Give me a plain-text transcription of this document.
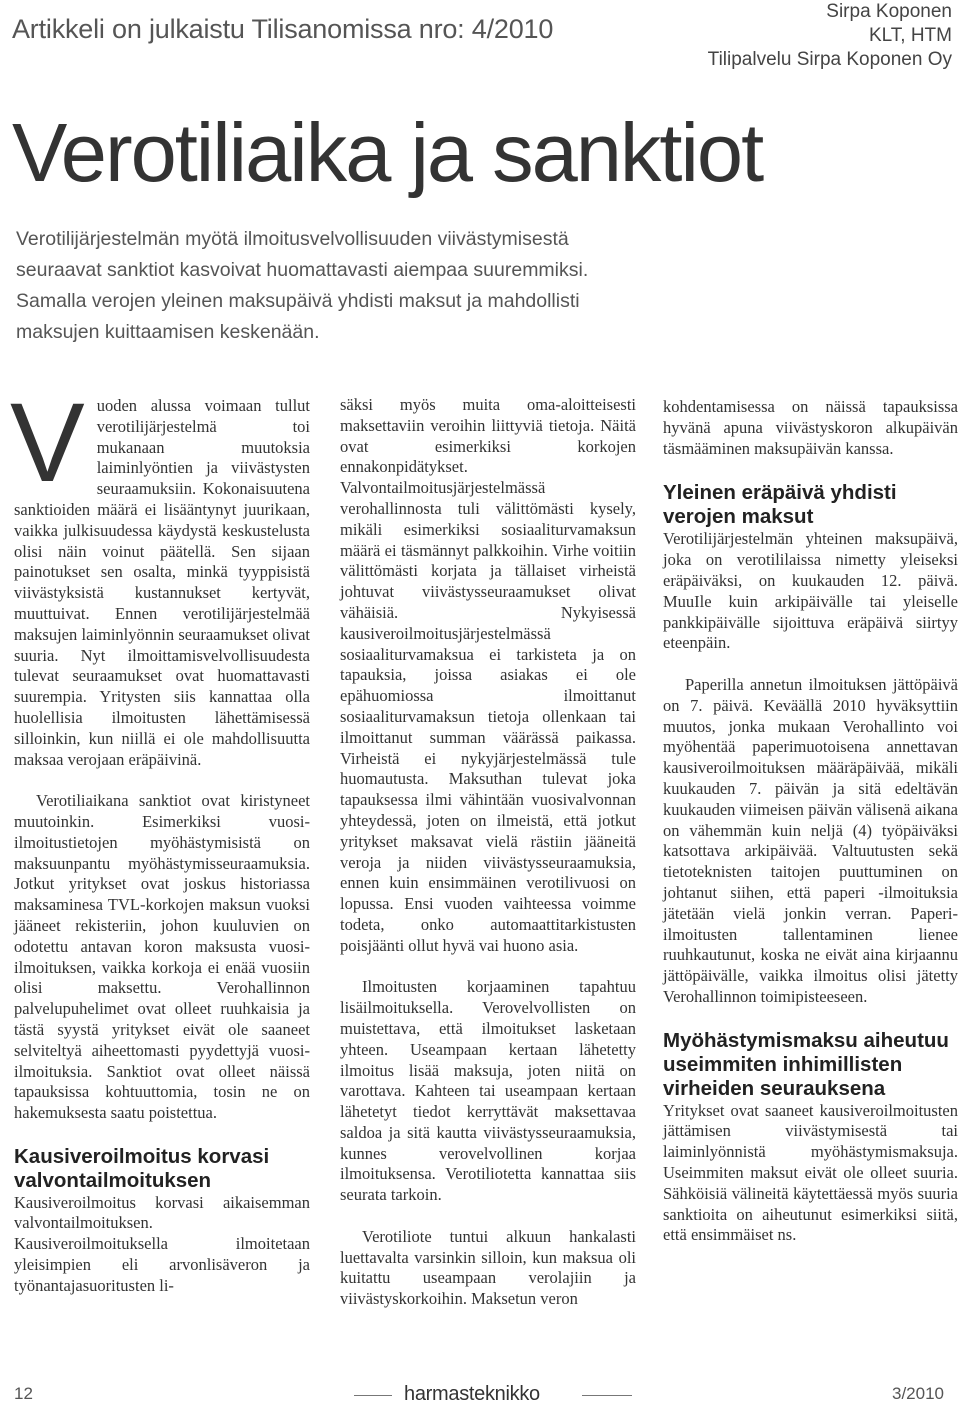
Artikkeli on julkaistu Tilisanomissa nro: 4/2010
Sirpa Koponen
KLT, HTM
Tilipalvelu Sirpa Koponen Oy
Verotiliaika ja sanktiot

Verotilijärjestelmän myötä ilmoitusvelvollisuuden viivästymisestä seuraavat sanktiot kasvoivat huomattavasti aiempaa suuremmiksi. Samalla verojen yleinen maksupäivä yhdisti maksut ja mahdollisti maksujen kuittaamisen keskenään.

Vuoden alussa voimaan tullut verotilijärjestelmä toi mukanaan muutoksia laiminlyöntien ja viivästysten seuraamuksiin. Kokonaisuutena sanktioiden määrä ei lisääntynyt juurikaan, vaikka julkisuudessa käydystä keskustelusta olisi näin voinut päätellä. Sen sijaan painotukset sen osalta, minkä tyyppisistä viivästyksistä kustannukset kertyvät, muuttuivat. Ennen verotilijärjestelmää maksujen laiminlyönnin seuraamukset olivat suuria. Nyt ilmoittamisvelvollisuudesta tulevat seuraamukset ovat huomattavasti suurempia. Yritysten siis kannattaa olla huolellisia ilmoitusten lähettämisessä silloinkin, kun niillä ei ole mahdollisuutta maksaa verojaan eräpäivinä.

Verotiliaikana sanktiot ovat kiristyneet muutoinkin. Esimerkiksi vuosi-ilmoitustietojen myöhästymisistä on maksuunpantu myöhästymisseuraamuksia. Jotkut yritykset ovat joskus historiassa maksaminesa TVL-korkojen maksun vuoksi jääneet rekisteriin, johon kuuluvien on odotettu antavan koron maksusta vuosi-ilmoituksen, vaikka korkoja ei enää vuosiin olisi maksettu. Verohallinnon palvelupuhelimet ovat olleet ruuhkaisia ja tästä syystä yritykset eivät ole saaneet selviteltyä aiheettomasti pyydettyjä vuosi-ilmoituksia. Sanktiot ovat olleet näissä tapauksissa kohtuuttomia, tosin ne on hakemuksesta saatu poistettua.

Kausiveroilmoitus korvasi valvontailmoituksen

Kausiveroilmoitus korvasi aikaisemman valvontailmoituksen. Kausiveroilmoituksella ilmoitetaan yleisimpien eli arvonlisäveron ja työnantajasuoritusten li-

säksi myös muita oma-aloitteisesti maksettaviin veroihin liittyviä tietoja. Näitä ovat esimerkiksi korkojen ennakonpidätykset. Valvontailmoitusjärjestelmässä verohallinnosta tuli välittömästi kysely, mikäli esimerkiksi sosiaaliturvamaksun määrä ei täsmännyt palkkoihin. Virhe voitiin välittömästi korjata ja tällaiset virheistä johtuvat viivästysseuraamukset olivat vähäisiä. Nykyisessä kausiveroilmoitusjärjestelmässä sosiaaliturvamaksua ei tarkisteta ja on tapauksia, joissa asiakas ei ole epähuomiossa ilmoittanut sosiaaliturvamaksun tietoja ollenkaan tai ilmoittanut summan väärässä paikassa. Virheistä ei nykyjärjestelmässä tule huomautusta. Maksuthan tulevat joka tapauksessa ilmi vähintään vuosivalvonnan yhteydessä, joten on ilmeistä, että jotkut yritykset maksavat vielä rästiin jääneitä veroja ja niiden viivästysseuraamuksia, ennen kuin ensimmäinen verotilivuosi on lopussa. Ensi vuoden vaihteessa voimme todeta, onko automaattitarkistusten poisjäänti ollut hyvä vai huono asia.

Ilmoitusten korjaaminen tapahtuu lisäilmoituksella. Verovelvollisten on muistettava, että ilmoitukset lasketaan yhteen. Useampaan kertaan lähetetty ilmoitus lisää maksuja, joten niitä on varottava. Kahteen tai useampaan kertaan lähetetyt tiedot kerryttävät maksettavaa saldoa ja sitä kautta viivästysseuraamuksia, kunnes verovelvollinen korjaa ilmoituksensa. Verotiliotetta kannattaa siis seurata tarkoin.

Verotiliote tuntui alkuun hankalasti luettavalta varsinkin silloin, kun maksua oli kuitattu useampaan verolajiin ja viivästyskorkoihin. Maksetun veron

kohdentamisessa on näissä tapauksissa hyvänä apuna viivästyskoron alkupäivän täsmääminen maksupäivän kanssa.

Yleinen eräpäivä yhdisti verojen maksut

Verotilijärjestelmän yhteinen maksupäivä, joka on verotililaissa nimetty yleiseksi eräpäiväksi, on kuukauden 12. päivä. MuuIle kuin arkipäivälle tai yleiselle pankkipäivälle sijoittuva eräpäivä siirtyy eteenpäin.

Paperilla annetun ilmoituksen jättöpäivä on 7. päivä. Keväällä 2010 hyväksyttiin muutos, jonka mukaan Verohallinto voi myöhentää paperimuotoisena annettavan kausiveroilmoituksen määräpäivää, mikäli kuukauden 7. päivän ja sitä edeltävän kuukauden viimeisen päivän välisenä aikana on vähemmän kuin neljä (4) työpäiväksi katsottava arkipäivää. Valtuutusten sekä tietoteknisten taitojen puuttuminen on johtanut siihen, että paperi -ilmoituksia jätetään vielä jonkin verran. Paperi-ilmoitusten tallentaminen lienee ruuhkautunut, koska ne eivät aina kirjaannu jättöpäivälle, vaikka ilmoitus olisi jätetty Verohallinnon toimipisteeseen.

Myöhästymismaksu aiheutuu useimmiten inhimillisten virheiden seurauksena

Yritykset ovat saaneet kausiveroilmoitusten jättämisen viivästymisestä tai laiminlyönnistä myöhästymismaksuja. Useimmiten maksut eivät ole olleet suuria. Sähköisiä välineitä käytettäessä myös suuria sanktioita on aiheutunut esimerkiksi siitä, että ensimmäiset ns.

12	harmasteknikko	3/2010
